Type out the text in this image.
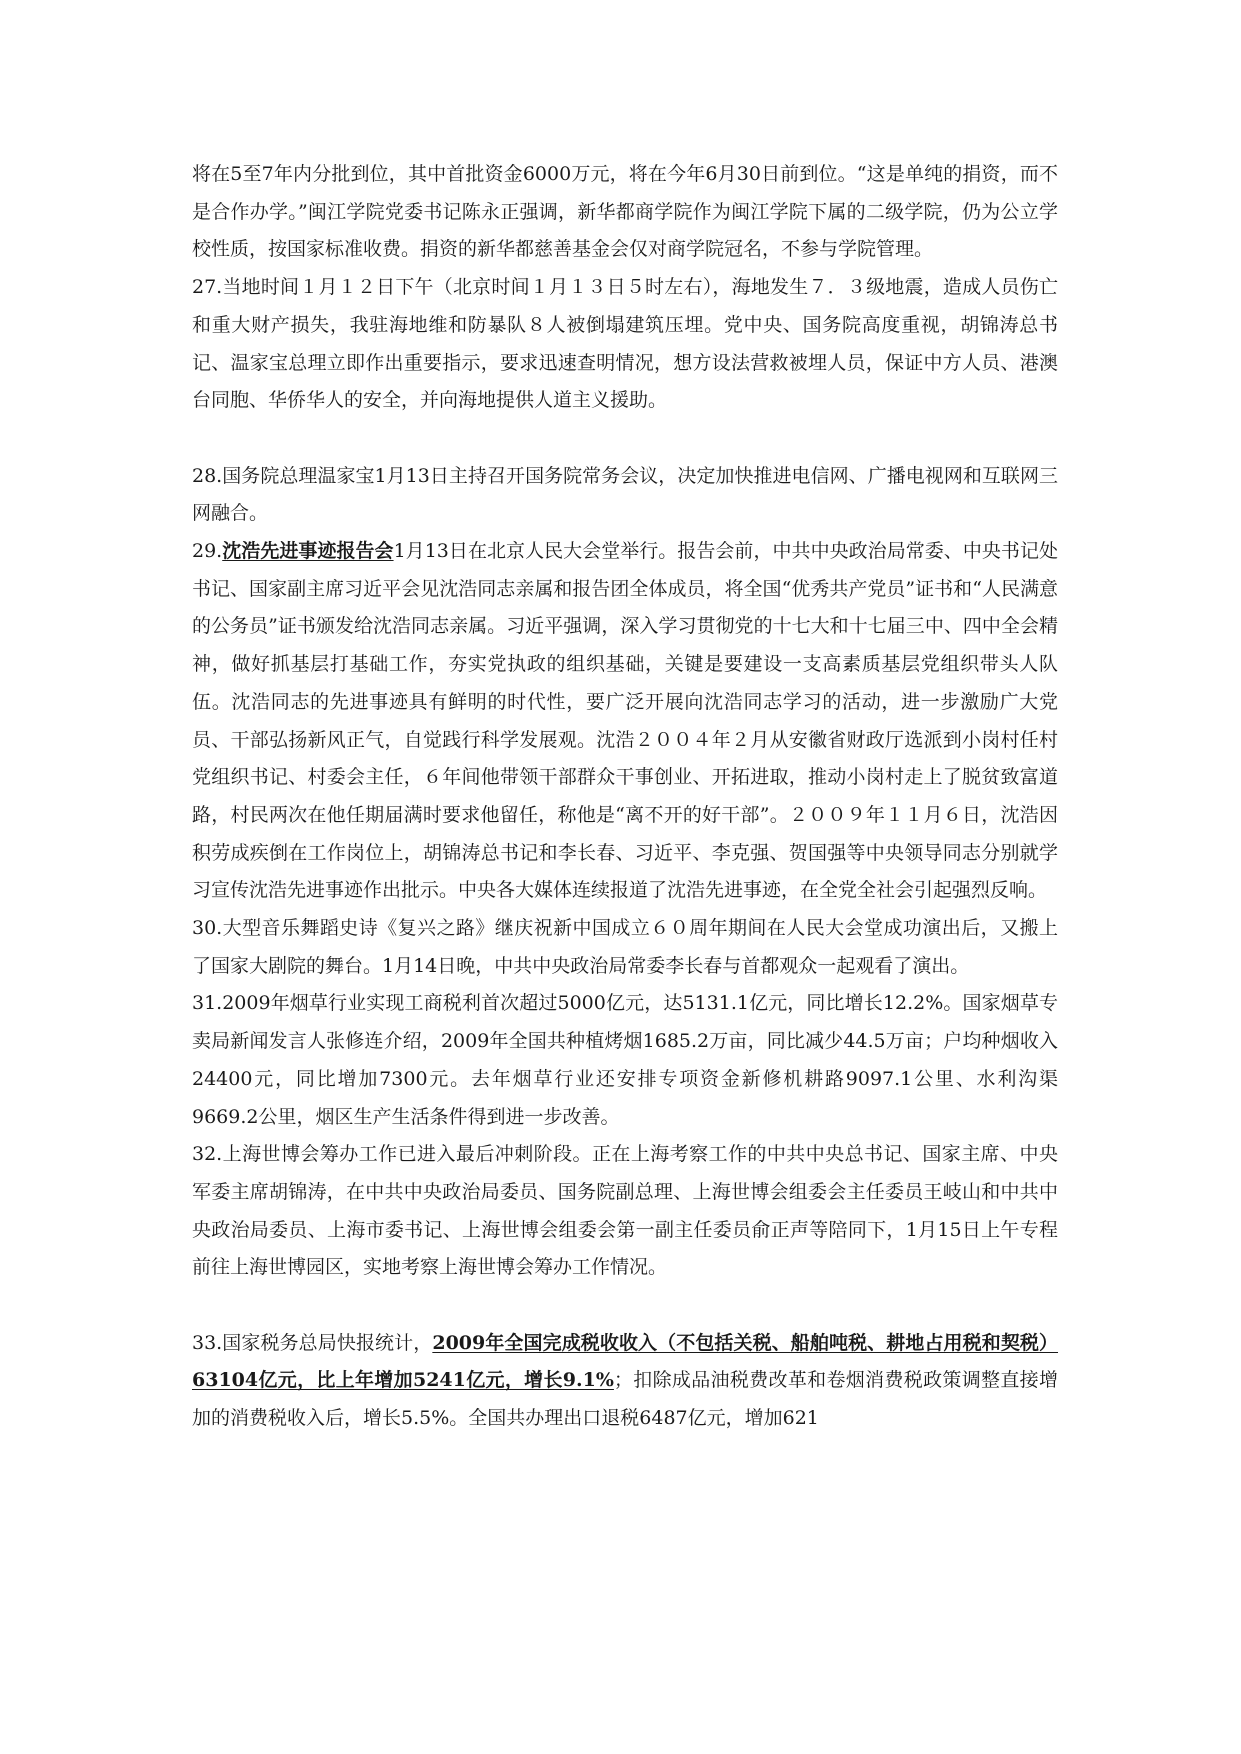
将在5至7年内分批到位，其中首批资金6000万元，将在今年6月30日前到位。“这是单纯的捐资，而不是合作办学。”闽江学院党委书记陈永正强调，新华都商学院作为闽江学院下属的二级学院，仍为公立学校性质，按国家标准收费。捐资的新华都慈善基金会仅对商学院冠名，不参与学院管理。

27.当地时间１月１２日下午（北京时间１月１３日５时左右），海地发生７．３级地震，造成人员伤亡和重大财产损失，我驻海地维和防暴队８人被倒塌建筑压埋。党中央、国务院高度重视，胡锦涛总书记、温家宝总理立即作出重要指示，要求迅速查明情况，想方设法营救被埋人员，保证中方人员、港澳台同胞、华侨华人的安全，并向海地提供人道主义援助。

28.国务院总理温家宝1月13日主持召开国务院常务会议，决定加快推进电信网、广播电视网和互联网三网融合。

29.沈浩先进事迹报告会1月13日在北京人民大会堂举行。报告会前，中共中央政治局常委、中央书记处书记、国家副主席习近平会见沈浩同志亲属和报告团全体成员，将全国“优秀共产党员”证书和“人民满意的公务员”证书颁发给沈浩同志亲属。习近平强调，深入学习贯彻党的十七大和十七届三中、四中全会精神，做好抓基层打基础工作，夯实党执政的组织基础，关键是要建设一支高素质基层党组织带头人队伍。沈浩同志的先进事迹具有鲜明的时代性，要广泛开展向沈浩同志学习的活动，进一步激励广大党员、干部弘扬新风正气，自觉践行科学发展观。沈浩２００４年２月从安徽省财政厅选派到小岗村任村党组织书记、村委会主任，６年间他带领干部群众干事创业、开拓进取，推动小岗村走上了脱贫致富道路，村民两次在他任期届满时要求他留任，称他是“离不开的好干部”。２００９年１１月６日，沈浩因积劳成疾倒在工作岗位上，胡锦涛总书记和李长春、习近平、李克强、贺国强等中央领导同志分别就学习宣传沈浩先进事迹作出批示。中央各大媒体连续报道了沈浩先进事迹，在全党全社会引起强烈反响。

30.大型音乐舞蹈史诗《复兴之路》继庆祝新中国成立６０周年期间在人民大会堂成功演出后，又搬上了国家大剧院的舞台。1月14日晚，中共中央政治局常委李长春与首都观众一起观看了演出。

31.2009年烟草行业实现工商税利首次超过5000亿元，达5131.1亿元，同比增长12.2%。国家烟草专卖局新闻发言人张修连介绍，2009年全国共种植烤烟1685.2万亩，同比减少44.5万亩；户均种烟收入24400元，同比增加7300元。去年烟草行业还安排专项资金新修机耕路9097.1公里、水利沟渠9669.2公里，烟区生产生活条件得到进一步改善。

32.上海世博会筹办工作已进入最后冲刺阶段。正在上海考察工作的中共中央总书记、国家主席、中央军委主席胡锦涛，在中共中央政治局委员、国务院副总理、上海世博会组委会主任委员王岐山和中共中央政治局委员、上海市委书记、上海世博会组委会第一副主任委员俞正声等陪同下，1月15日上午专程前往上海世博园区，实地考察上海世博会筹办工作情况。

33.国家税务总局快报统计，2009年全国完成税收收入（不包括关税、船舶吨税、耕地占用税和契税）63104亿元，比上年增加5241亿元，增长9.1%；扣除成品油税费改革和卷烟消费税政策调整直接增加的消费税收入后，增长5.5%。全国共办理出口退税6487亿元，增加621
